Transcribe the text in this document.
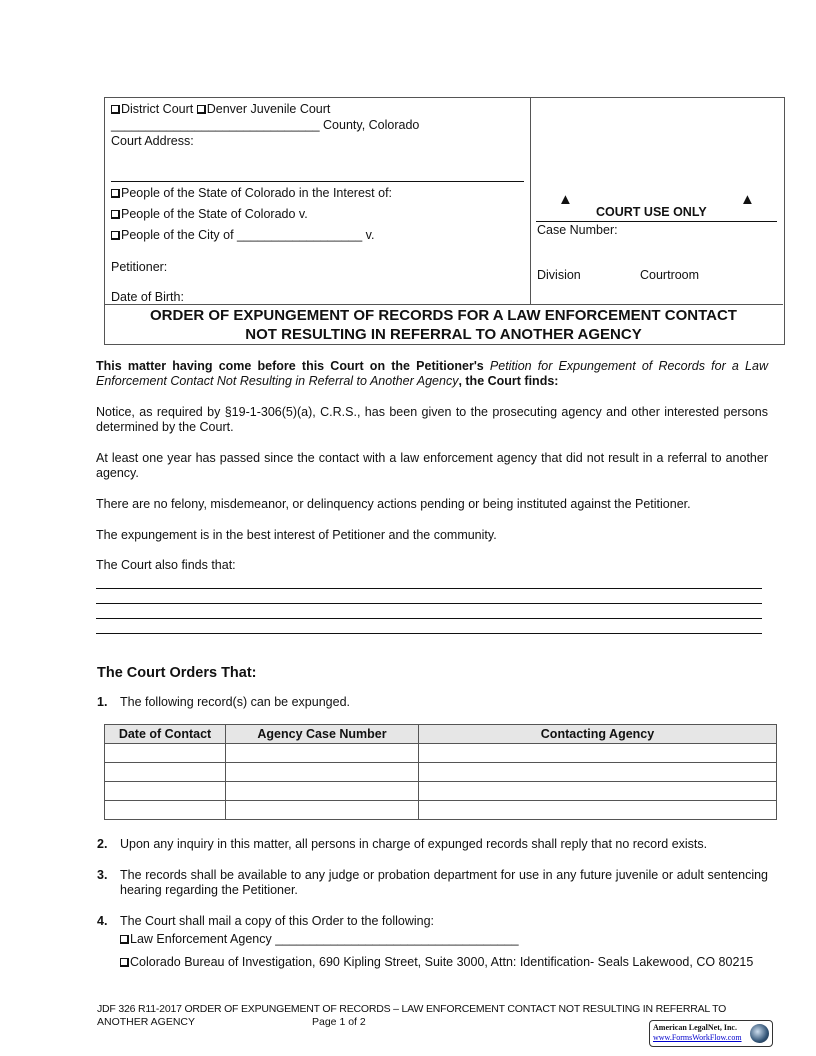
District Court Denver Juvenile Court
______________________________ County, Colorado
Court Address:
People of the State of Colorado in the Interest of:
People of the State of Colorado v.
People of the City of __________________ v.
Petitioner:
Date of Birth:
▲	▲
COURT USE ONLY
Case Number:
Division	Courtroom
ORDER OF EXPUNGEMENT OF RECORDS FOR A LAW ENFORCEMENT CONTACT
NOT RESULTING IN REFERRAL TO ANOTHER AGENCY
This matter having come before this Court on the Petitioner's Petition for Expungement of Records for a Law Enforcement Contact Not Resulting in Referral to Another Agency, the Court finds:
Notice, as required by §19-1-306(5)(a), C.R.S., has been given to the prosecuting agency and other interested persons determined by the Court.
At least one year has passed since the contact with a law enforcement agency that did not result in a referral to another agency.
There are no felony, misdemeanor, or delinquency actions pending or being instituted against the Petitioner.
The expungement is in the best interest of Petitioner and the community.
The Court also finds that:
The Court Orders That:
1. The following record(s) can be expunged.
Date of Contact	Agency Case Number	Contacting Agency

2. Upon any inquiry in this matter, all persons in charge of expunged records shall reply that no record exists.
3. The records shall be available to any judge or probation department for use in any future juvenile or adult sentencing hearing regarding the Petitioner.
4. The Court shall mail a copy of this Order to the following:
Law Enforcement Agency ___________________________________
Colorado Bureau of Investigation, 690 Kipling Street, Suite 3000, Attn: Identification- Seals Lakewood, CO 80215
JDF 326 R11-2017 ORDER OF EXPUNGEMENT OF RECORDS – LAW ENFORCEMENT CONTACT NOT RESULTING IN REFERRAL TO
ANOTHER AGENCY	Page 1 of 2	American LegalNet, Inc.
www.FormsWorkFlow.com
